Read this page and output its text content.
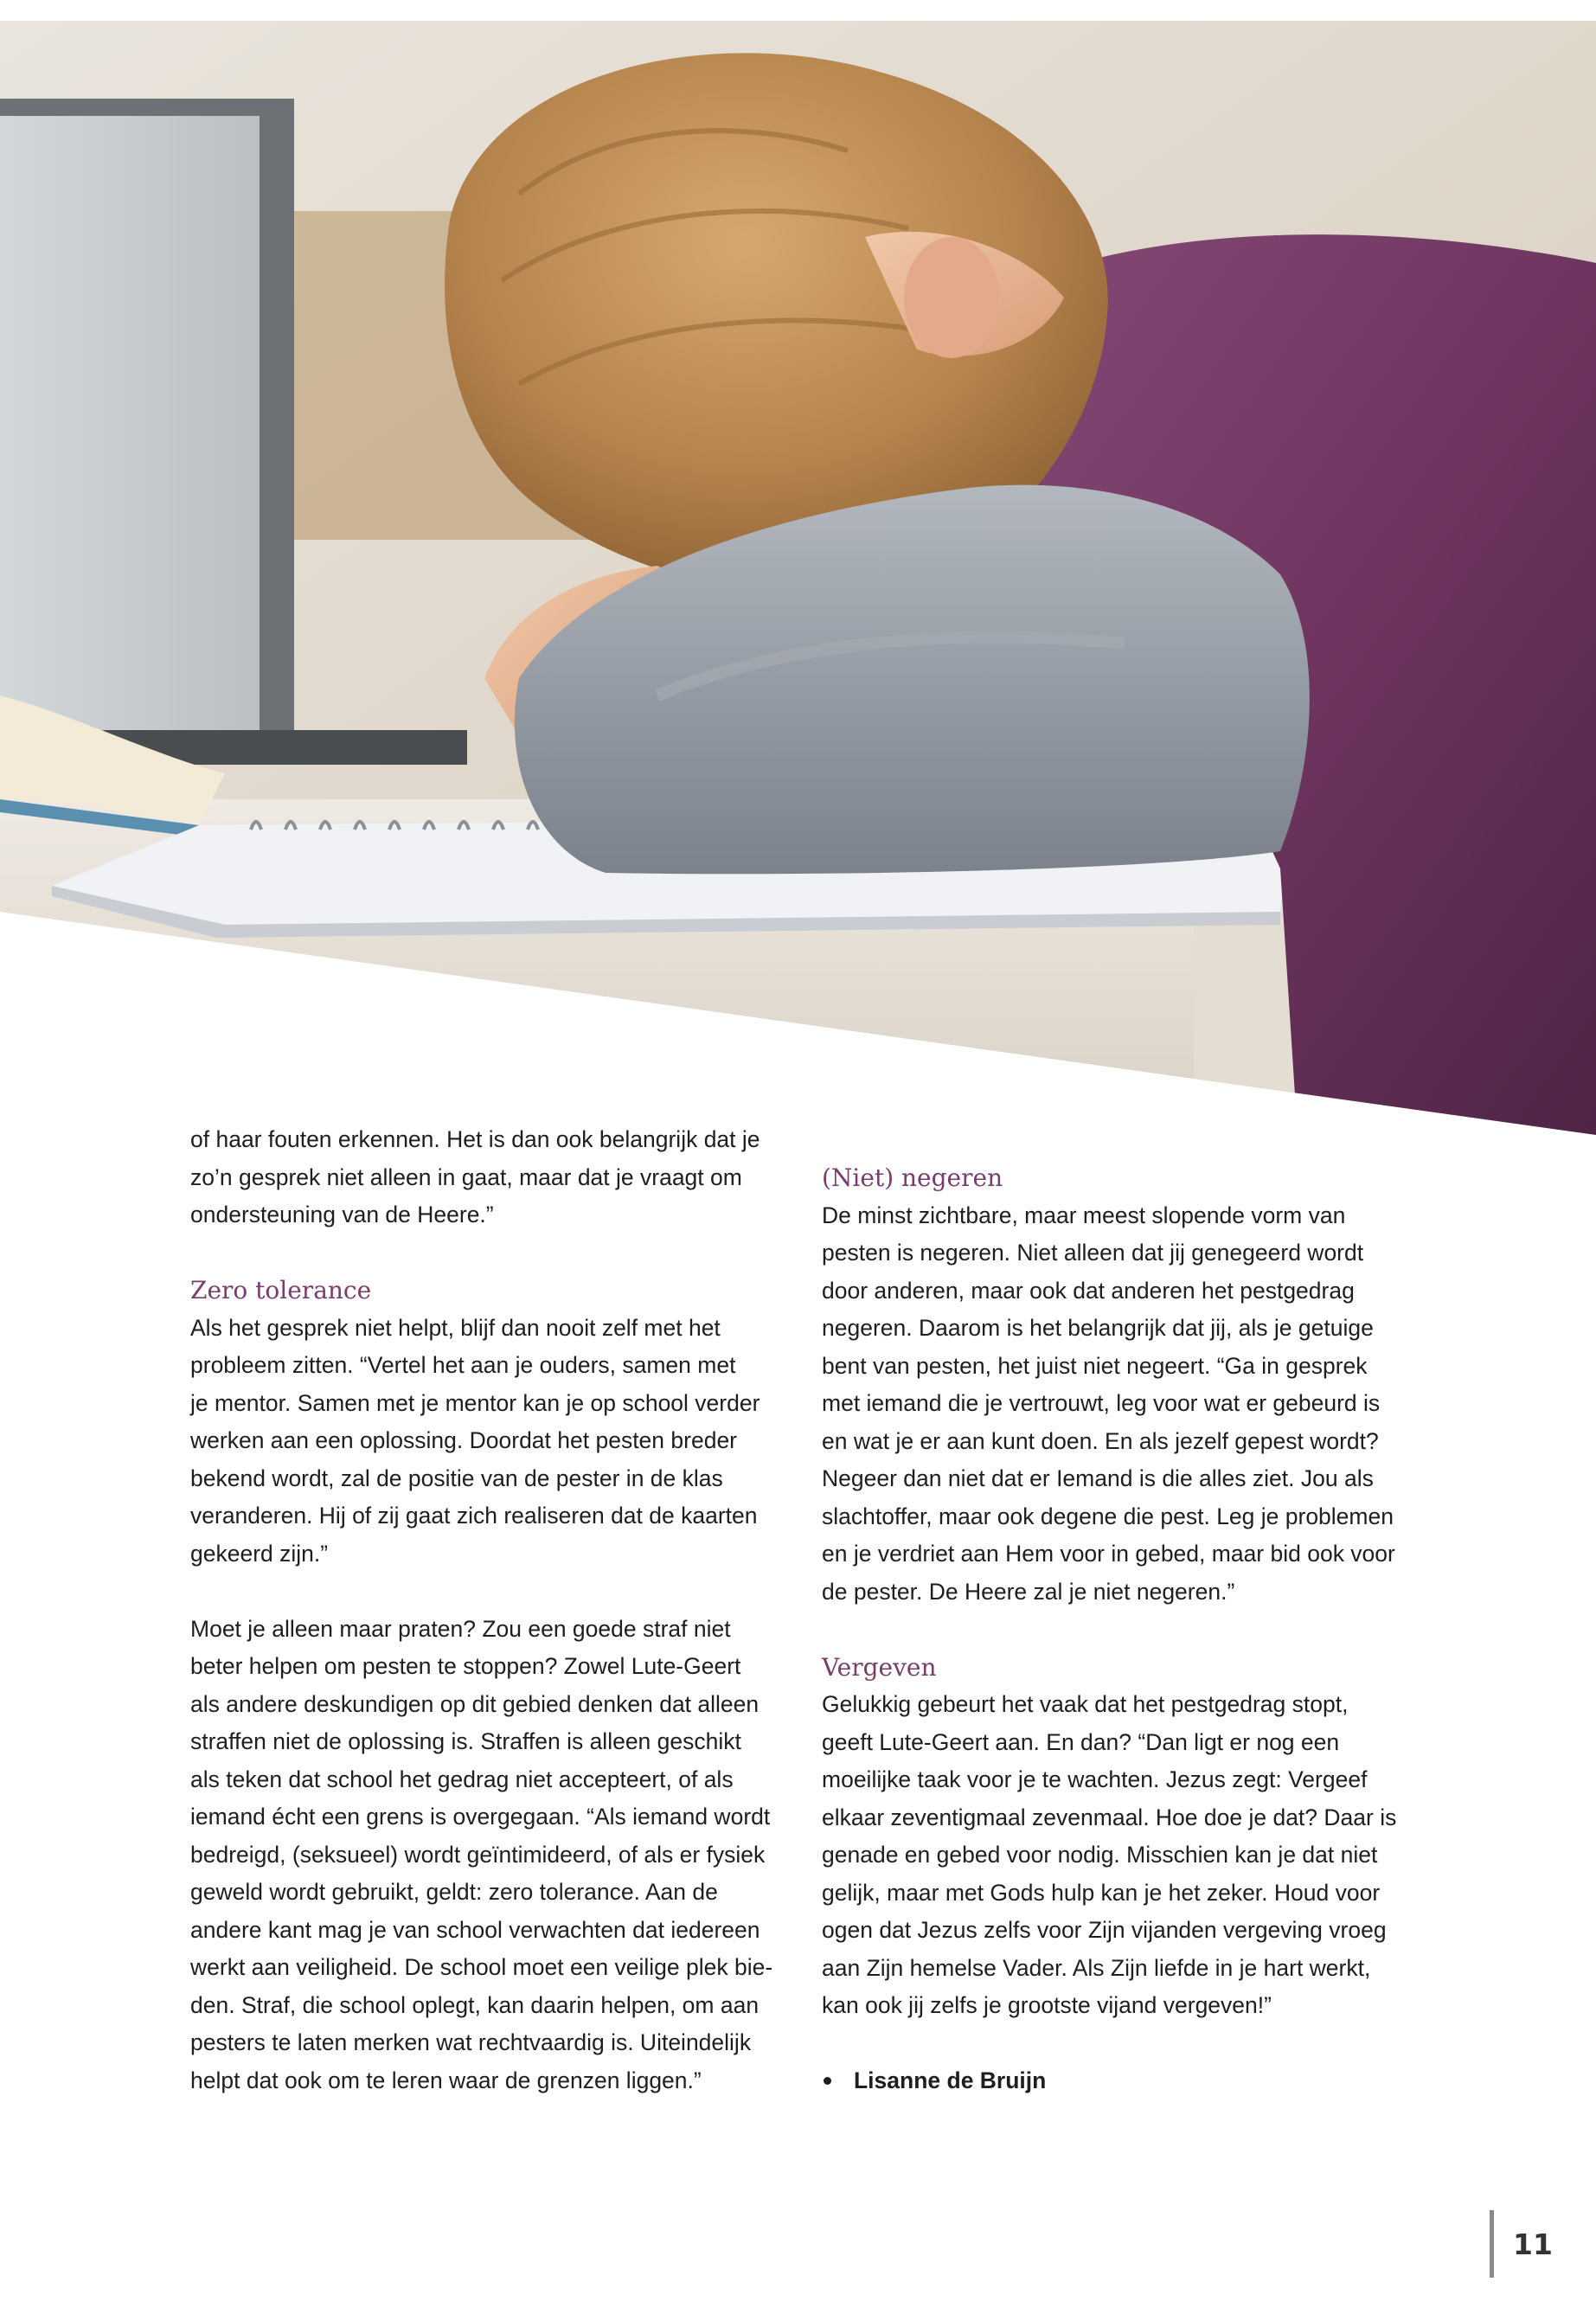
of haar fouten erkennen. Het is dan ook belangrijk dat je
zo’n gesprek niet alleen in gaat, maar dat je vraagt om
ondersteuning van de Heere.”

Zero tolerance

Als het gesprek niet helpt, blijf dan nooit zelf met het
probleem zitten. “Vertel het aan je ouders, samen met
je mentor. Samen met je mentor kan je op school verder
werken aan een oplossing. Doordat het pesten breder
bekend wordt, zal de positie van de pester in de klas
veranderen. Hij of zij gaat zich realiseren dat de kaarten
gekeerd zijn.”

Moet je alleen maar praten? Zou een goede straf niet
beter helpen om pesten te stoppen? Zowel Lute-Geert
als andere deskundigen op dit gebied denken dat alleen
straffen niet de oplossing is. Straffen is alleen geschikt
als teken dat school het gedrag niet accepteert, of als
iemand écht een grens is overgegaan. “Als iemand wordt
bedreigd, (seksueel) wordt geïntimideerd, of als er fysiek
geweld wordt gebruikt, geldt: zero tolerance. Aan de
andere kant mag je van school verwachten dat iedereen
werkt aan veiligheid. De school moet een veilige plek bie-
den. Straf, die school oplegt, kan daarin helpen, om aan
pesters te laten merken wat rechtvaardig is. Uiteindelijk
helpt dat ook om te leren waar de grenzen liggen.”

(Niet) negeren

De minst zichtbare, maar meest slopende vorm van
pesten is negeren. Niet alleen dat jij genegeerd wordt
door anderen, maar ook dat anderen het pestgedrag
negeren. Daarom is het belangrijk dat jij, als je getuige
bent van pesten, het juist niet negeert. “Ga in gesprek
met iemand die je vertrouwt, leg voor wat er gebeurd is
en wat je er aan kunt doen. En als jezelf gepest wordt?
Negeer dan niet dat er Iemand is die alles ziet. Jou als
slachtoffer, maar ook degene die pest. Leg je problemen
en je verdriet aan Hem voor in gebed, maar bid ook voor
de pester. De Heere zal je niet negeren.”

Vergeven

Gelukkig gebeurt het vaak dat het pestgedrag stopt,
geeft Lute-Geert aan. En dan? “Dan ligt er nog een
moeilijke taak voor je te wachten. Jezus zegt: Vergeef
elkaar zeventigmaal zevenmaal. Hoe doe je dat? Daar is
genade en gebed voor nodig. Misschien kan je dat niet
gelijk, maar met Gods hulp kan je het zeker. Houd voor
ogen dat Jezus zelfs voor Zijn vijanden vergeving vroeg
aan Zijn hemelse Vader. Als Zijn liefde in je hart werkt,
kan ook jij zelfs je grootste vijand vergeven!”

Lisanne de Bruijn
11
